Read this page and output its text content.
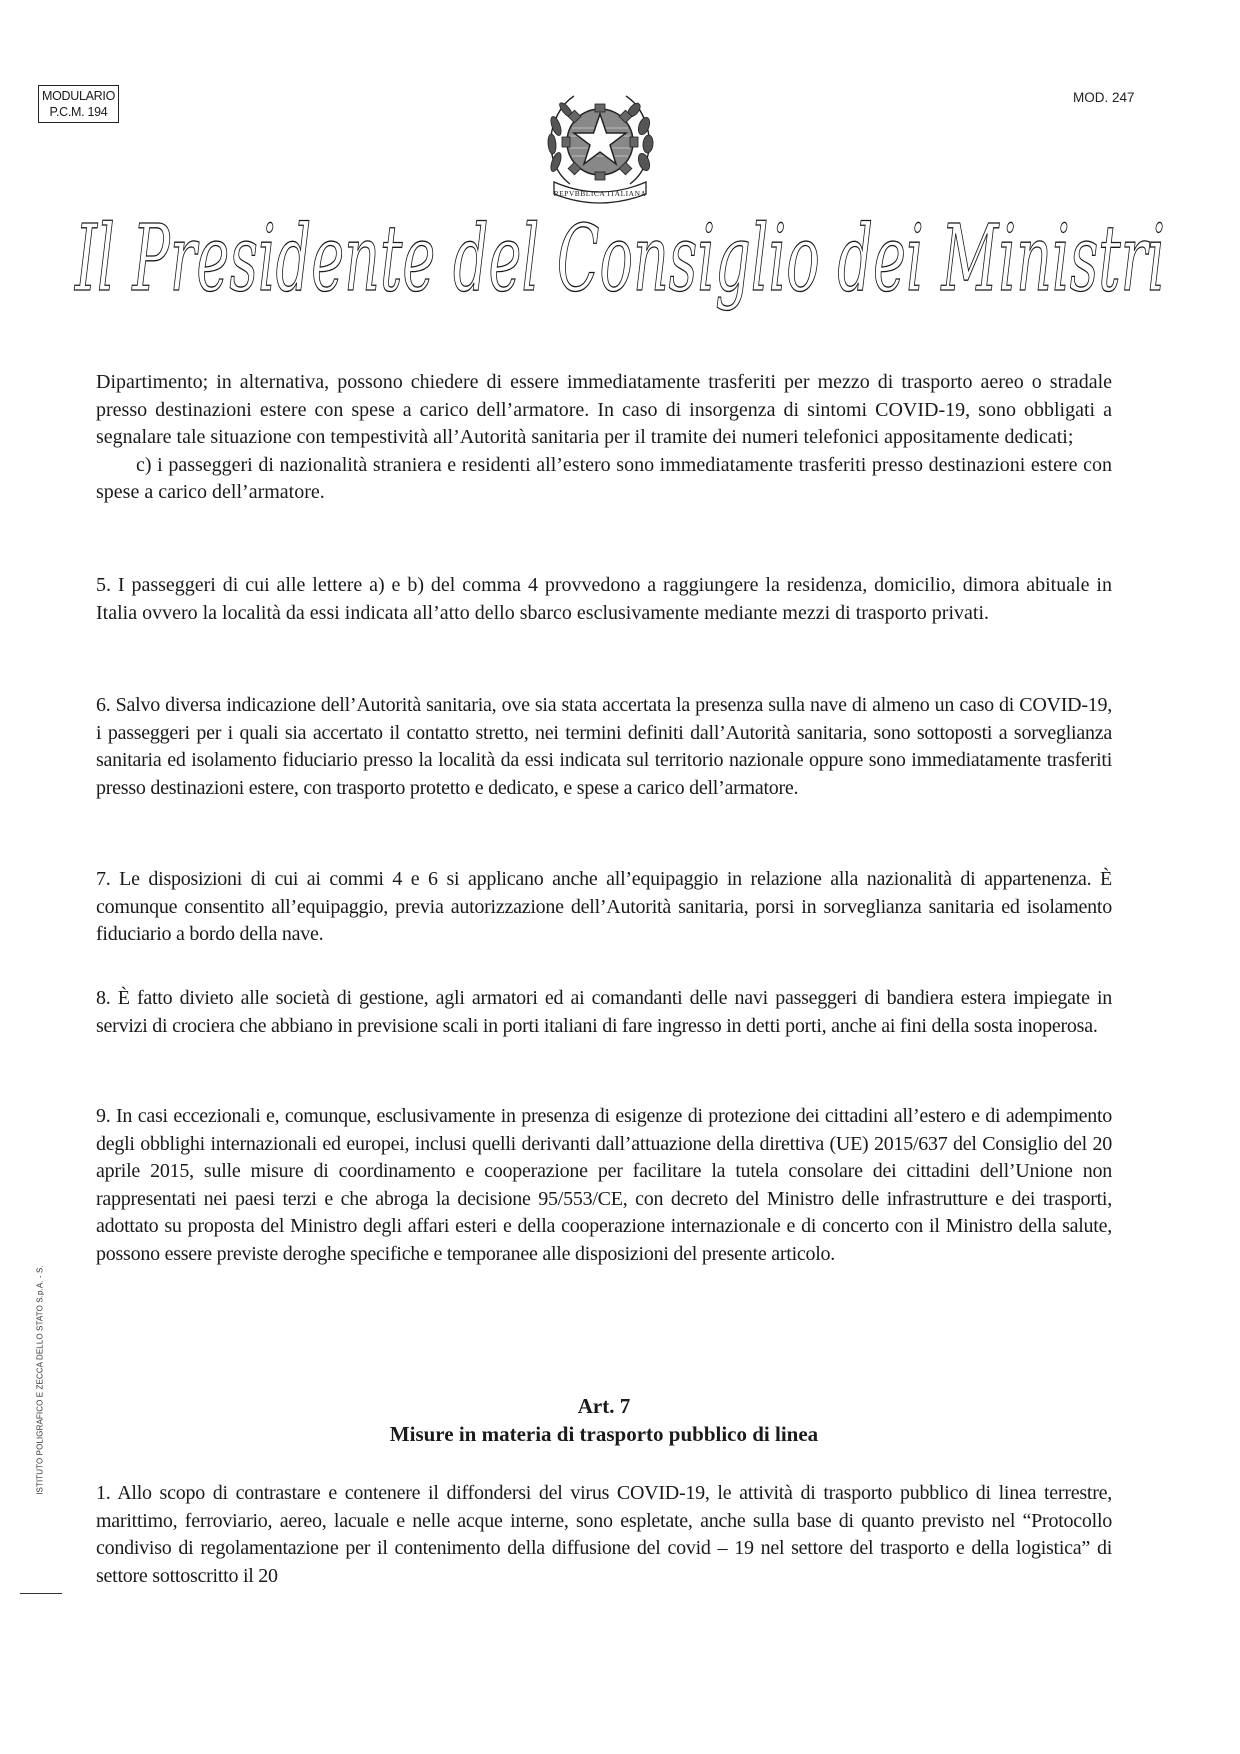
MODULARIO
P.C.M. 194
MOD. 247
REPVBBLICA ITALIANA
Il Presidente del Consiglio dei Ministri

Dipartimento; in alternativa, possono chiedere di essere immediatamente trasferiti per mezzo di trasporto aereo o stradale presso destinazioni estere con spese a carico dell’armatore. In caso di insorgenza di sintomi COVID-19, sono obbligati a segnalare tale situazione con tempestività all’Autorità sanitaria per il tramite dei numeri telefonici appositamente dedicati;

c) i passeggeri di nazionalità straniera e residenti all’estero sono immediatamente trasferiti presso destinazioni estere con spese a carico dell’armatore.

5. I passeggeri di cui alle lettere a) e b) del comma 4 provvedono a raggiungere la residenza, domicilio, dimora abituale in Italia ovvero la località da essi indicata all’atto dello sbarco esclusivamente mediante mezzi di trasporto privati.

6. Salvo diversa indicazione dell’Autorità sanitaria, ove sia stata accertata la presenza sulla nave di almeno un caso di COVID-19, i passeggeri per i quali sia accertato il contatto stretto, nei termini definiti dall’Autorità sanitaria, sono sottoposti a sorveglianza sanitaria ed isolamento fiduciario presso la località da essi indicata sul territorio nazionale oppure sono immediatamente trasferiti presso destinazioni estere, con trasporto protetto e dedicato, e spese a carico dell’armatore.

7. Le disposizioni di cui ai commi 4 e 6 si applicano anche all’equipaggio in relazione alla nazionalità di appartenenza. È comunque consentito all’equipaggio, previa autorizzazione dell’Autorità sanitaria, porsi in sorveglianza sanitaria ed isolamento fiduciario a bordo della nave.

8. È fatto divieto alle società di gestione, agli armatori ed ai comandanti delle navi passeggeri di bandiera estera impiegate in servizi di crociera che abbiano in previsione scali in porti italiani di fare ingresso in detti porti, anche ai fini della sosta inoperosa.

9. In casi eccezionali e, comunque, esclusivamente in presenza di esigenze di protezione dei cittadini all’estero e di adempimento degli obblighi internazionali ed europei, inclusi quelli derivanti dall’attuazione della direttiva (UE) 2015/637 del Consiglio del 20 aprile 2015, sulle misure di coordinamento e cooperazione per facilitare la tutela consolare dei cittadini dell’Unione non rappresentati nei paesi terzi e che abroga la decisione 95/553/CE, con decreto del Ministro delle infrastrutture e dei trasporti, adottato su proposta del Ministro degli affari esteri e della cooperazione internazionale e di concerto con il Ministro della salute, possono essere previste deroghe specifiche e temporanee alle disposizioni del presente articolo.

Art. 7
Misure in materia di trasporto pubblico di linea

1. Allo scopo di contrastare e contenere il diffondersi del virus COVID-19, le attività di trasporto pubblico di linea terrestre, marittimo, ferroviario, aereo, lacuale e nelle acque interne, sono espletate, anche sulla base di quanto previsto nel “Protocollo condiviso di regolamentazione per il contenimento della diffusione del covid – 19 nel settore del trasporto e della logistica” di settore sottoscritto il 20

ISTITUTO POLIGRAFICO E ZECCA DELLO STATO S.p.A. - S.
